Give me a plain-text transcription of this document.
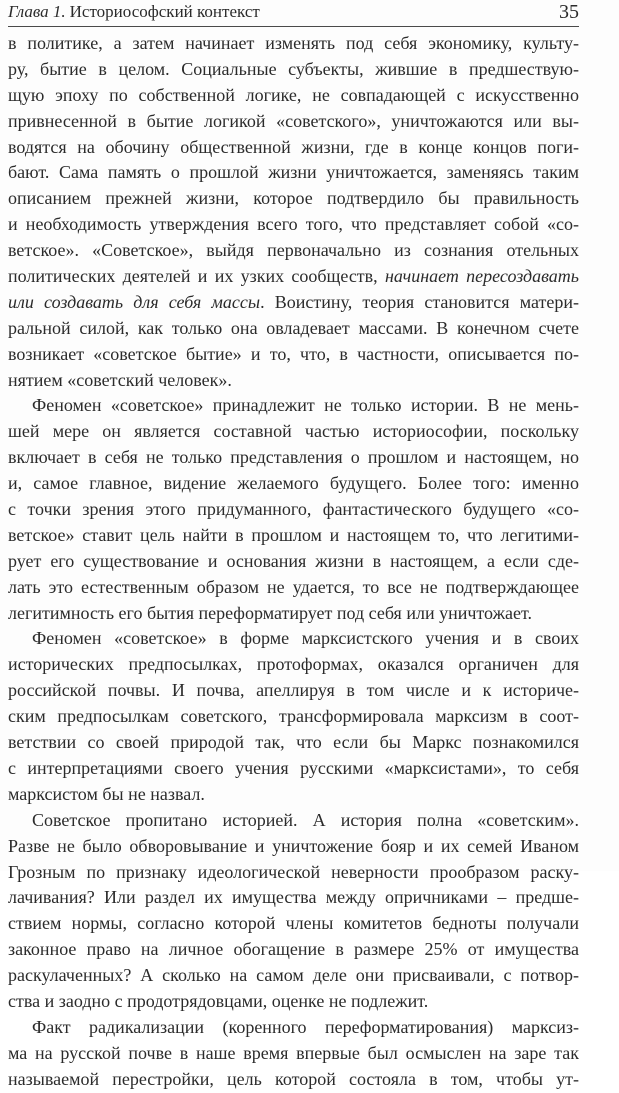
Глава 1. Историософский контекст	35
в политике, а затем начинает изменять под себя экономику, культу-
ру, бытие в целом. Социальные субъекты, жившие в предшествую-
щую эпоху по собственной логике, не совпадающей с искусственно
привнесенной в бытие логикой «советского», уничтожаются или вы-
водятся на обочину общественной жизни, где в конце концов поги-
бают. Сама память о прошлой жизни уничтожается, заменяясь таким
описанием прежней жизни, которое подтвердило бы правильность
и необходимость утверждения всего того, что представляет собой «со-
ветское». «Советское», выйдя первоначально из сознания отельных
политических деятелей и их узких сообществ, начинает пересоздавать
или создавать для себя массы. Воистину, теория становится матери-
ральной силой, как только она овладевает массами. В конечном счете
возникает «советское бытие» и то, что, в частности, описывается по-
нятием «советский человек».
Феномен «советское» принадлежит не только истории. В не мень-
шей мере он является составной частью историософии, поскольку
включает в себя не только представления о прошлом и настоящем, но
и, самое главное, видение желаемого будущего. Более того: именно
с точки зрения этого придуманного, фантастического будущего «со-
ветское» ставит цель найти в прошлом и настоящем то, что легитими-
рует его существование и основания жизни в настоящем, а если сде-
лать это естественным образом не удается, то все не подтверждающее
легитимность его бытия переформатирует под себя или уничтожает.
Феномен «советское» в форме марксистского учения и в своих
исторических предпосылках, протоформах, оказался органичен для
российской почвы. И почва, апеллируя в том числе и к историче-
ским предпосылкам советского, трансформировала марксизм в соот-
ветствии со своей природой так, что если бы Маркс познакомился
с интерпретациями своего учения русскими «марксистами», то себя
марксистом бы не назвал.
Советское пропитано историей. А история полна «советским».
Разве не было обворовывание и уничтожение бояр и их семей Иваном
Грозным по признаку идеологической неверности прообразом раску-
лачивания? Или раздел их имущества между опричниками – предше-
ствием нормы, согласно которой члены комитетов бедноты получали
законное право на личное обогащение в размере 25% от имущества
раскулаченных? А сколько на самом деле они присваивали, с потвор-
ства и заодно с продотрядовцами, оценке не подлежит.
Факт радикализации (коренного переформатирования) марксиз-
ма на русской почве в наше время впервые был осмыслен на заре так
называемой перестройки, цель которой состояла в том, чтобы ут-
